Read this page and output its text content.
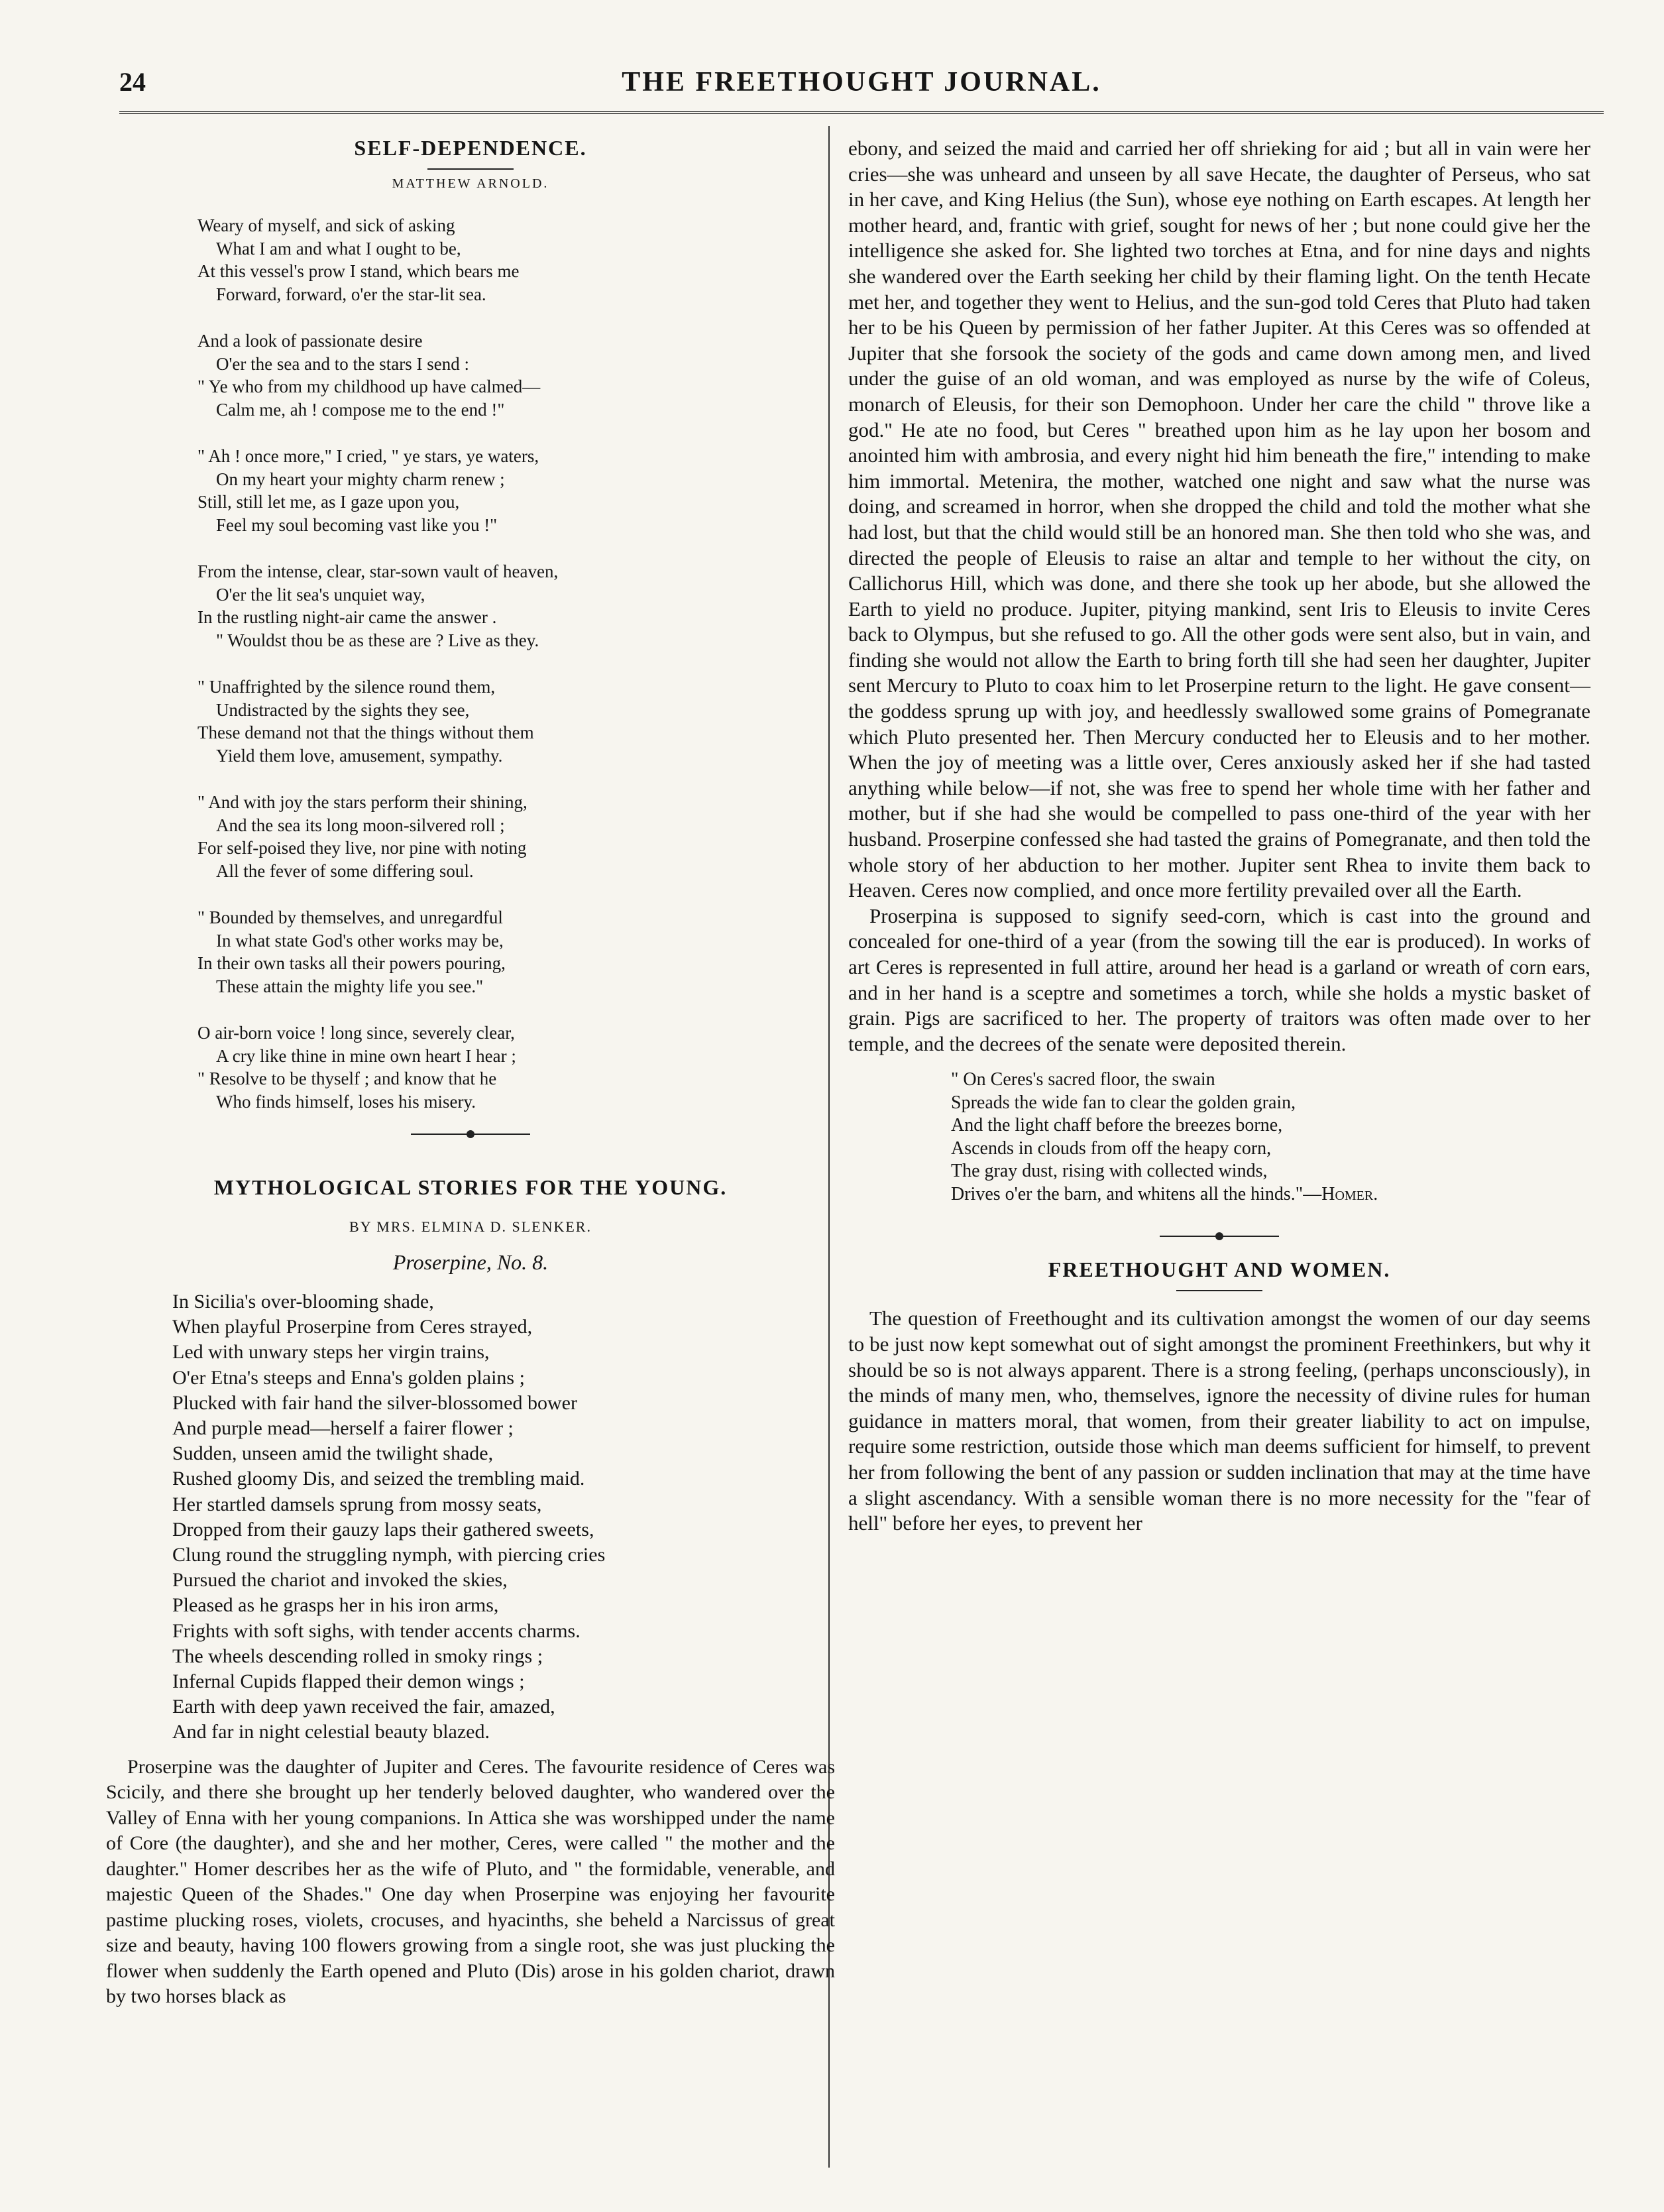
24	THE FREETHOUGHT JOURNAL.
SELF-DEPENDENCE.
MATTHEW ARNOLD.
Weary of myself, and sick of asking
What I am and what I ought to be,
At this vessel's prow I stand, which bears me
Forward, forward, o'er the star-lit sea.
And a look of passionate desire
O'er the sea and to the stars I send :
" Ye who from my childhood up have calmed—
Calm me, ah ! compose me to the end !"
" Ah ! once more," I cried, " ye stars, ye waters,
On my heart your mighty charm renew ;
Still, still let me, as I gaze upon you,
Feel my soul becoming vast like you !"
From the intense, clear, star-sown vault of heaven,
O'er the lit sea's unquiet way,
In the rustling night-air came the answer .
" Wouldst thou be as these are ? Live as they.
" Unaffrighted by the silence round them,
Undistracted by the sights they see,
These demand not that the things without them
Yield them love, amusement, sympathy.
" And with joy the stars perform their shining,
And the sea its long moon-silvered roll ;
For self-poised they live, nor pine with noting
All the fever of some differing soul.
" Bounded by themselves, and unregardful
In what state God's other works may be,
In their own tasks all their powers pouring,
These attain the mighty life you see."
O air-born voice ! long since, severely clear,
A cry like thine in mine own heart I hear ;
" Resolve to be thyself ; and know that he
Who finds himself, loses his misery.
MYTHOLOGICAL STORIES FOR THE YOUNG.
BY MRS. ELMINA D. SLENKER.
Proserpine, No. 8.
In Sicilia's over-blooming shade,
When playful Proserpine from Ceres strayed,
Led with unwary steps her virgin trains,
O'er Etna's steeps and Enna's golden plains ;
Plucked with fair hand the silver-blossomed bower
And purple mead—herself a fairer flower ;
Sudden, unseen amid the twilight shade,
Rushed gloomy Dis, and seized the trembling maid.
Her startled damsels sprung from mossy seats,
Dropped from their gauzy laps their gathered sweets,
Clung round the struggling nymph, with piercing cries
Pursued the chariot and invoked the skies,
Pleased as he grasps her in his iron arms,
Frights with soft sighs, with tender accents charms.
The wheels descending rolled in smoky rings ;
Infernal Cupids flapped their demon wings ;
Earth with deep yawn received the fair, amazed,
And far in night celestial beauty blazed.

Proserpine was the daughter of Jupiter and Ceres. The favourite residence of Ceres was Scicily, and there she brought up her tenderly beloved daughter, who wandered over the Valley of Enna with her young companions. In Attica she was worshipped under the name of Core (the daughter), and she and her mother, Ceres, were called " the mother and the daughter." Homer describes her as the wife of Pluto, and " the formidable, venerable, and majestic Queen of the Shades." One day when Proserpine was enjoying her favourite pastime plucking roses, violets, crocuses, and hyacinths, she beheld a Narcissus of great size and beauty, having 100 flowers growing from a single root, she was just plucking the flower when suddenly the Earth opened and Pluto (Dis) arose in his golden chariot, drawn by two horses black as

ebony, and seized the maid and carried her off shrieking for aid ; but all in vain were her cries—she was unheard and unseen by all save Hecate, the daughter of Perseus, who sat in her cave, and King Helius (the Sun), whose eye nothing on Earth escapes. At length her mother heard, and, frantic with grief, sought for news of her ; but none could give her the intelligence she asked for. She lighted two torches at Etna, and for nine days and nights she wandered over the Earth seeking her child by their flaming light. On the tenth Hecate met her, and together they went to Helius, and the sun-god told Ceres that Pluto had taken her to be his Queen by permission of her father Jupiter. At this Ceres was so offended at Jupiter that she forsook the society of the gods and came down among men, and lived under the guise of an old woman, and was employed as nurse by the wife of Coleus, monarch of Eleusis, for their son Demophoon. Under her care the child " throve like a god." He ate no food, but Ceres " breathed upon him as he lay upon her bosom and anointed him with ambrosia, and every night hid him beneath the fire," intending to make him immortal. Metenira, the mother, watched one night and saw what the nurse was doing, and screamed in horror, when she dropped the child and told the mother what she had lost, but that the child would still be an honored man. She then told who she was, and directed the people of Eleusis to raise an altar and temple to her without the city, on Callichorus Hill, which was done, and there she took up her abode, but she allowed the Earth to yield no produce. Jupiter, pitying mankind, sent Iris to Eleusis to invite Ceres back to Olympus, but she refused to go. All the other gods were sent also, but in vain, and finding she would not allow the Earth to bring forth till she had seen her daughter, Jupiter sent Mercury to Pluto to coax him to let Proserpine return to the light. He gave consent—the goddess sprung up with joy, and heedlessly swallowed some grains of Pomegranate which Pluto presented her. Then Mercury conducted her to Eleusis and to her mother. When the joy of meeting was a little over, Ceres anxiously asked her if she had tasted anything while below—if not, she was free to spend her whole time with her father and mother, but if she had she would be compelled to pass one-third of the year with her husband. Proserpine confessed she had tasted the grains of Pomegranate, and then told the whole story of her abduction to her mother. Jupiter sent Rhea to invite them back to Heaven. Ceres now complied, and once more fertility prevailed over all the Earth.

Proserpina is supposed to signify seed-corn, which is cast into the ground and concealed for one-third of a year (from the sowing till the ear is produced). In works of art Ceres is represented in full attire, around her head is a garland or wreath of corn ears, and in her hand is a sceptre and sometimes a torch, while she holds a mystic basket of grain. Pigs are sacrificed to her. The property of traitors was often made over to her temple, and the decrees of the senate were deposited therein.

" On Ceres's sacred floor, the swain
Spreads the wide fan to clear the golden grain,
And the light chaff before the breezes borne,
Ascends in clouds from off the heapy corn,
The gray dust, rising with collected winds,
Drives o'er the barn, and whitens all the hinds."—Homer.
FREETHOUGHT AND WOMEN.

The question of Freethought and its cultivation amongst the women of our day seems to be just now kept somewhat out of sight amongst the prominent Freethinkers, but why it should be so is not always apparent. There is a strong feeling, (perhaps unconsciously), in the minds of many men, who, themselves, ignore the necessity of divine rules for human guidance in matters moral, that women, from their greater liability to act on impulse, require some restriction, outside those which man deems sufficient for himself, to prevent her from following the bent of any passion or sudden inclination that may at the time have a slight ascendancy. With a sensible woman there is no more necessity for the "fear of hell" before her eyes, to prevent her
